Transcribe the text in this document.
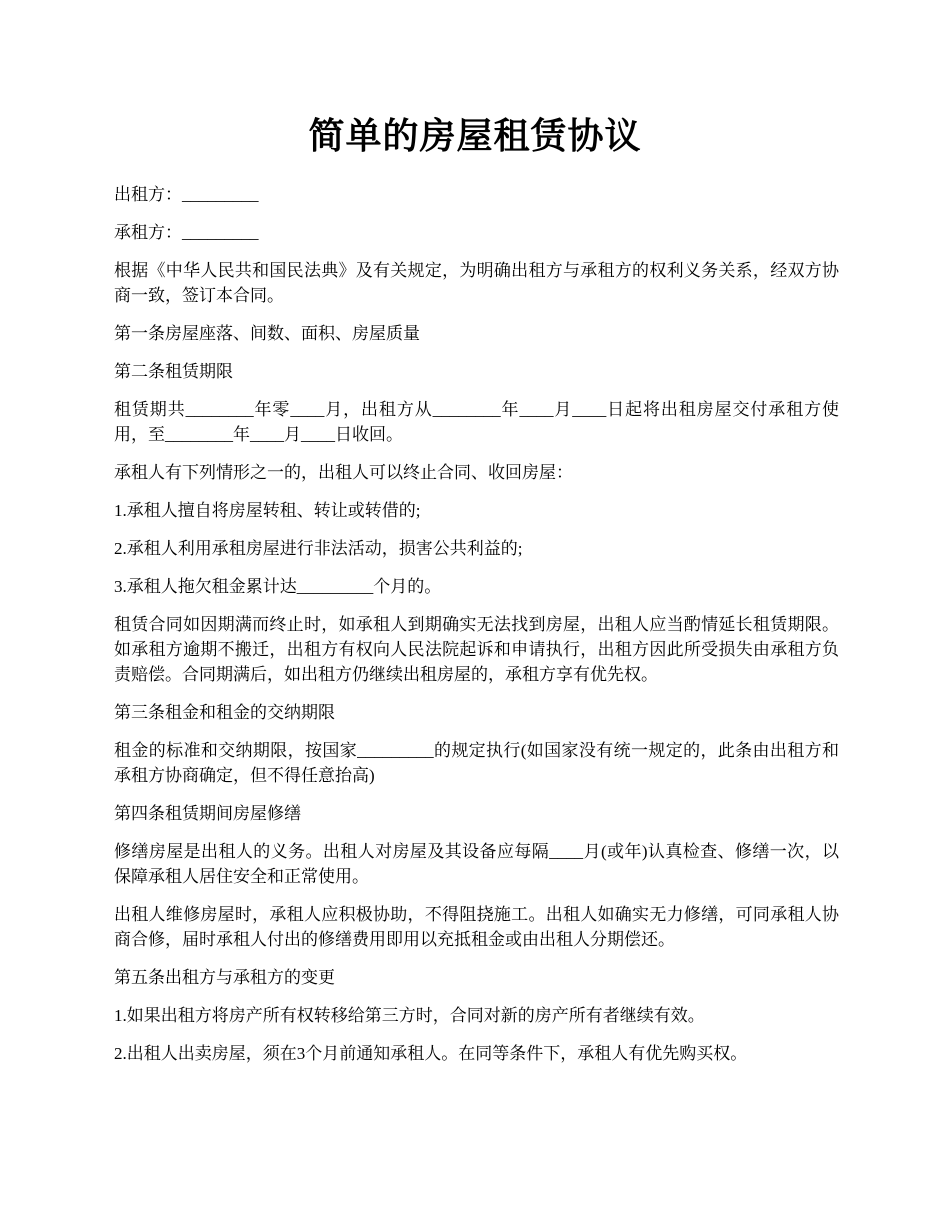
简单的房屋租赁协议

出租方：_________

承租方：_________

根据《中华人民共和国民法典》及有关规定，为明确出租方与承租方的权利义务关系，经双方协商一致，签订本合同。

第一条房屋座落、间数、面积、房屋质量

第二条租赁期限

租赁期共________年零____月，出租方从________年____月____日起将出租房屋交付承租方使用，至________年____月____日收回。

承租人有下列情形之一的，出租人可以终止合同、收回房屋：

1.承租人擅自将房屋转租、转让或转借的;

2.承租人利用承租房屋进行非法活动，损害公共利益的;

3.承租人拖欠租金累计达_________个月的。

租赁合同如因期满而终止时，如承租人到期确实无法找到房屋，出租人应当酌情延长租赁期限。如承租方逾期不搬迁，出租方有权向人民法院起诉和申请执行，出租方因此所受损失由承租方负责赔偿。合同期满后，如出租方仍继续出租房屋的，承租方享有优先权。

第三条租金和租金的交纳期限

租金的标准和交纳期限，按国家_________的规定执行(如国家没有统一规定的，此条由出租方和承租方协商确定，但不得任意抬高)

第四条租赁期间房屋修缮

修缮房屋是出租人的义务。出租人对房屋及其设备应每隔____月(或年)认真检查、修缮一次，以保障承租人居住安全和正常使用。

出租人维修房屋时，承租人应积极协助，不得阻挠施工。出租人如确实无力修缮，可同承租人协商合修，届时承租人付出的修缮费用即用以充抵租金或由出租人分期偿还。

第五条出租方与承租方的变更

1.如果出租方将房产所有权转移给第三方时，合同对新的房产所有者继续有效。

2.出租人出卖房屋，须在3个月前通知承租人。在同等条件下，承租人有优先购买权。
